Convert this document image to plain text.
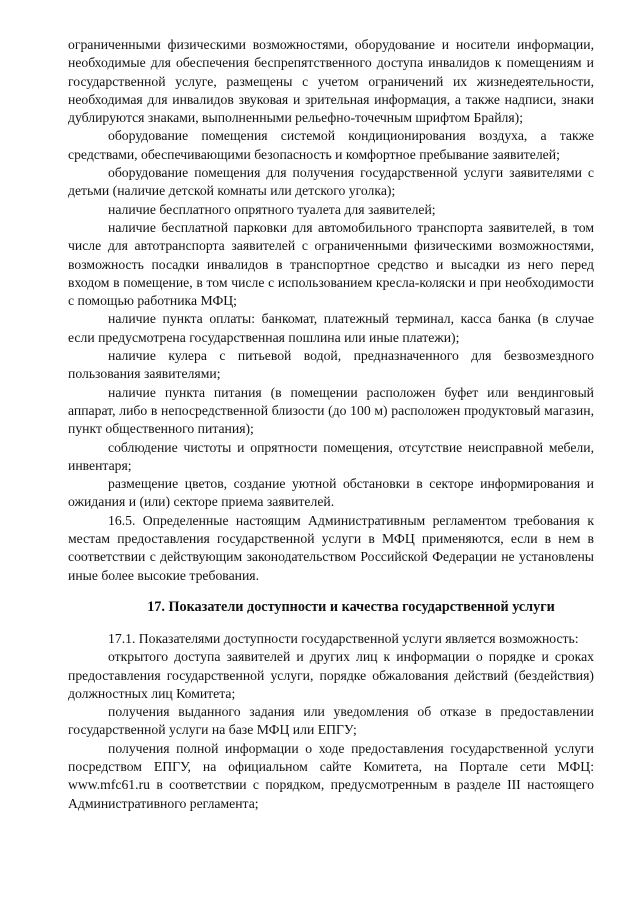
ограниченными физическими возможностями, оборудование и носители информации, необходимые для обеспечения беспрепятственного доступа инвалидов к помещениям и государственной услуге, размещены с учетом ограничений их жизнедеятельности, необходимая для инвалидов звуковая и зрительная информация, а также надписи, знаки дублируются знаками, выполненными рельефно-точечным шрифтом Брайля);

оборудование помещения системой кондиционирования воздуха, а также средствами, обеспечивающими безопасность и комфортное пребывание заявителей;

оборудование помещения для получения государственной услуги заявителями с детьми (наличие детской комнаты или детского уголка);

наличие бесплатного опрятного туалета для заявителей;

наличие бесплатной парковки для автомобильного транспорта заявителей, в том числе для автотранспорта заявителей с ограниченными физическими возможностями, возможность посадки инвалидов в транспортное средство и высадки из него перед входом в помещение, в том числе с использованием кресла-коляски и при необходимости с помощью работника МФЦ;

наличие пункта оплаты: банкомат, платежный терминал, касса банка (в случае если предусмотрена государственная пошлина или иные платежи);

наличие кулера с питьевой водой, предназначенного для безвозмездного пользования заявителями;

наличие пункта питания (в помещении расположен буфет или вендинговый аппарат, либо в непосредственной близости (до 100 м) расположен продуктовый магазин, пункт общественного питания);

соблюдение чистоты и опрятности помещения, отсутствие неисправной мебели, инвентаря;

размещение цветов, создание уютной обстановки в секторе информирования и ожидания и (или) секторе приема заявителей.

16.5. Определенные настоящим Административным регламентом требования к местам предоставления государственной услуги в МФЦ применяются, если в нем в соответствии с действующим законодательством Российской Федерации не установлены иные более высокие требования.

17. Показатели доступности и качества государственной услуги

17.1. Показателями доступности государственной услуги является возможность:

открытого доступа заявителей и других лиц к информации о порядке и сроках предоставления государственной услуги, порядке обжалования действий (бездействия) должностных лиц Комитета;

получения выданного задания или уведомления об отказе в предоставлении государственной услуги на базе МФЦ или ЕПГУ;

получения полной информации о ходе предоставления государственной услуги посредством ЕПГУ, на официальном сайте Комитета, на Портале сети МФЦ: www.mfc61.ru в соответствии с порядком, предусмотренным в разделе III настоящего Административного регламента;
